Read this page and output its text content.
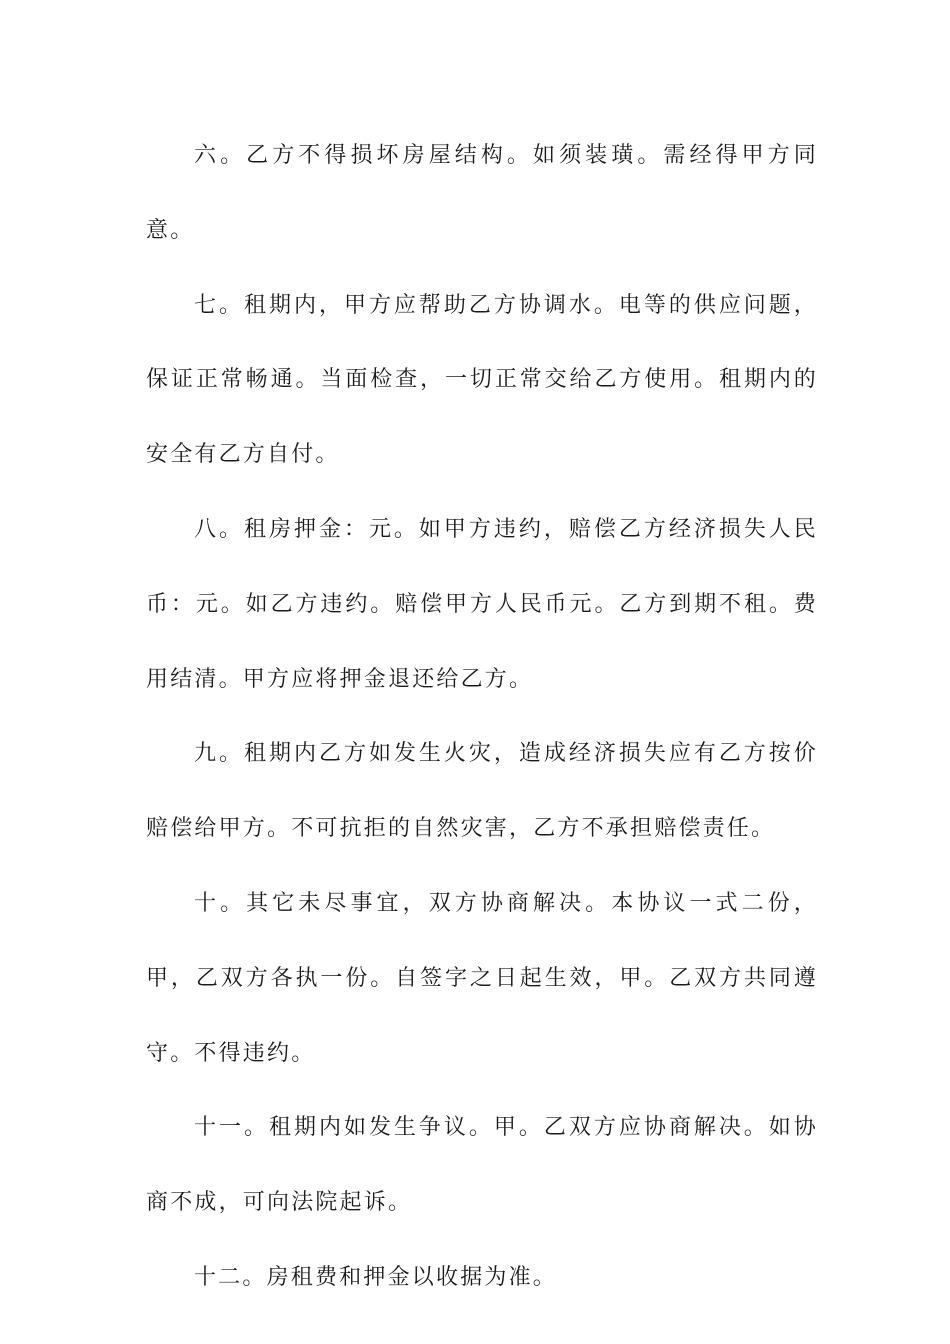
六。乙方不得损坏房屋结构。如须装璜。需经得甲方同意。

七。租期内，甲方应帮助乙方协调水。电等的供应问题，保证正常畅通。当面检查，一切正常交给乙方使用。租期内的安全有乙方自付。

八。租房押金：元。如甲方违约，赔偿乙方经济损失人民币：元。如乙方违约。赔偿甲方人民币元。乙方到期不租。费用结清。甲方应将押金退还给乙方。

九。租期内乙方如发生火灾，造成经济损失应有乙方按价赔偿给甲方。不可抗拒的自然灾害，乙方不承担赔偿责任。

十。其它未尽事宜，双方协商解决。本协议一式二份，甲，乙双方各执一份。自签字之日起生效，甲。乙双方共同遵守。不得违约。

十一。租期内如发生争议。甲。乙双方应协商解决。如协商不成，可向法院起诉。

十二。房租费和押金以收据为准。
